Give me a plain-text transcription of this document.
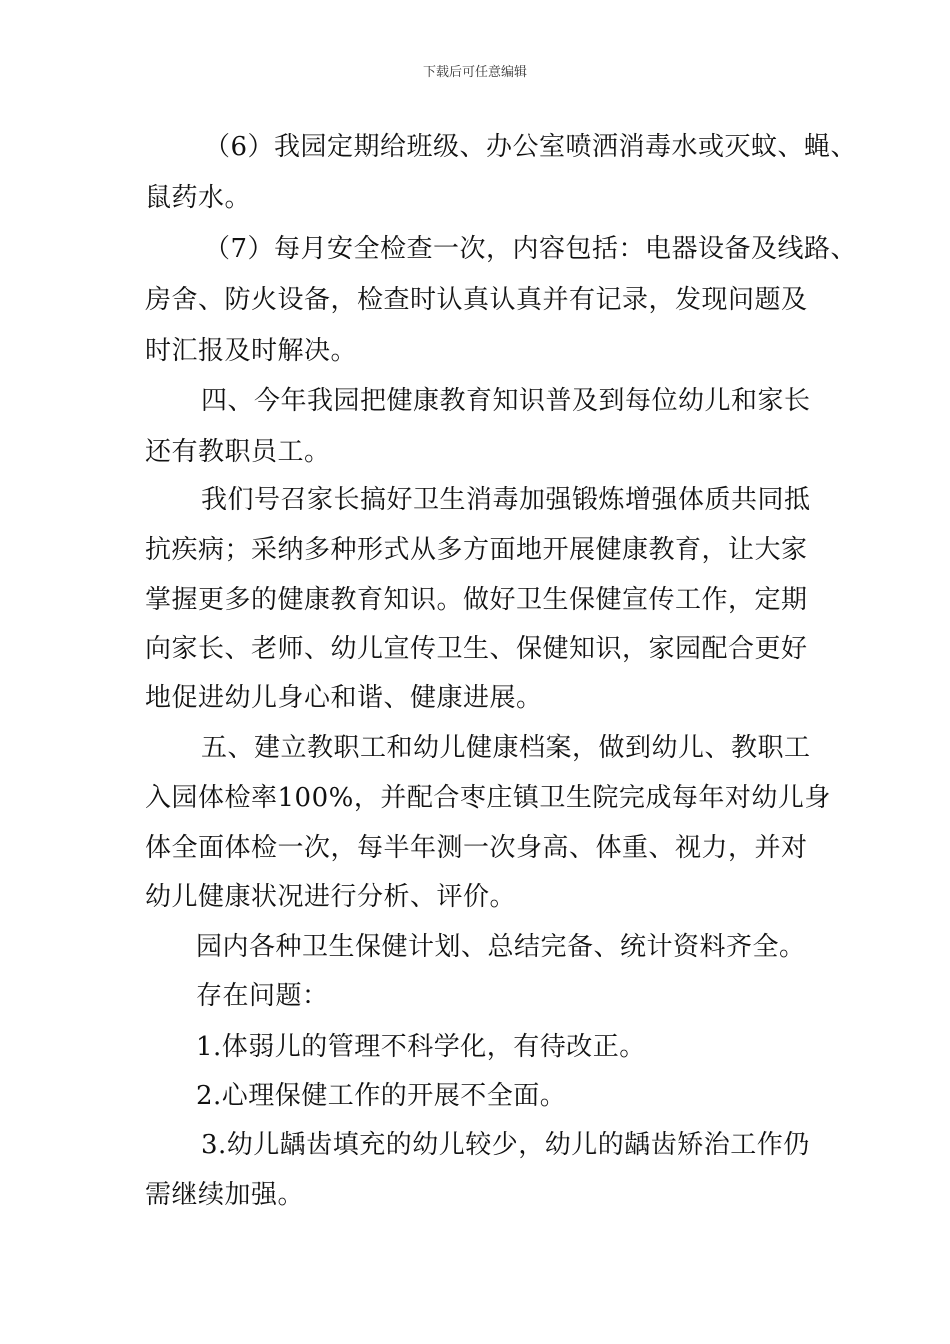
下载后可任意编辑
（6）我园定期给班级、办公室喷洒消毒水或灭蚊、蝇、
鼠药水。
（7）每月安全检查一次，内容包括：电器设备及线路、
房舍、防火设备，检查时认真认真并有记录，发现问题及
时汇报及时解决。
四、今年我园把健康教育知识普及到每位幼儿和家长
还有教职员工。
我们号召家长搞好卫生消毒加强锻炼增强体质共同抵
抗疾病；采纳多种形式从多方面地开展健康教育，让大家
掌握更多的健康教育知识。做好卫生保健宣传工作，定期
向家长、老师、幼儿宣传卫生、保健知识，家园配合更好
地促进幼儿身心和谐、健康进展。
五、建立教职工和幼儿健康档案，做到幼儿、教职工
入园体检率100%，并配合枣庄镇卫生院完成每年对幼儿身
体全面体检一次，每半年测一次身高、体重、视力，并对
幼儿健康状况进行分析、评价。
园内各种卫生保健计划、总结完备、统计资料齐全。
存在问题：
1.体弱儿的管理不科学化，有待改正。
2.心理保健工作的开展不全面。
3.幼儿龋齿填充的幼儿较少，幼儿的龋齿矫治工作仍
需继续加强。
